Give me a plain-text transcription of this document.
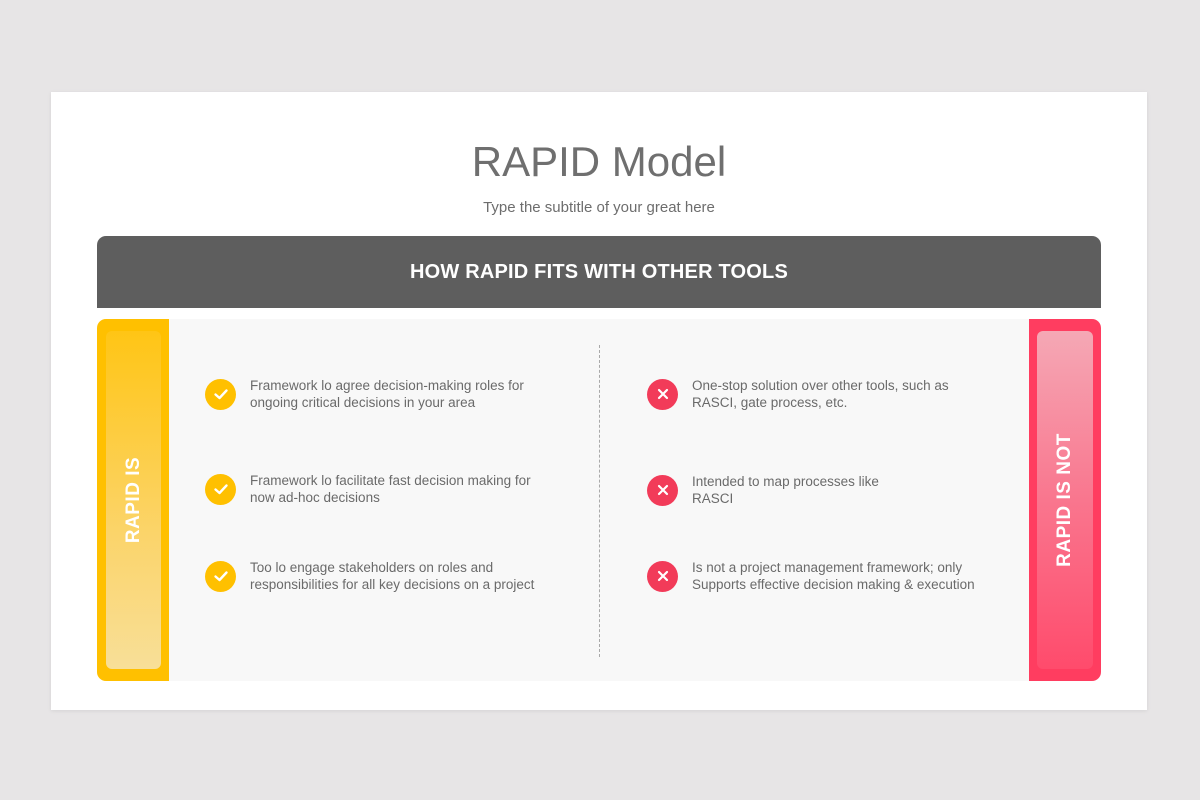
RAPID Model
Type the subtitle of your great here
HOW RAPID FITS WITH OTHER TOOLS
RAPID IS
Framework lo agree decision-making roles for
ongoing critical decisions in your area
Framework lo facilitate fast decision making for
now ad-hoc decisions
Too lo engage stakeholders on roles and
responsibilities for all key decisions on a project
One-stop solution over other tools, such as
RASCI, gate process, etc.
Intended to map processes like
RASCI
Is not a project management framework; only
Supports effective decision making & execution
RAPID IS NOT
